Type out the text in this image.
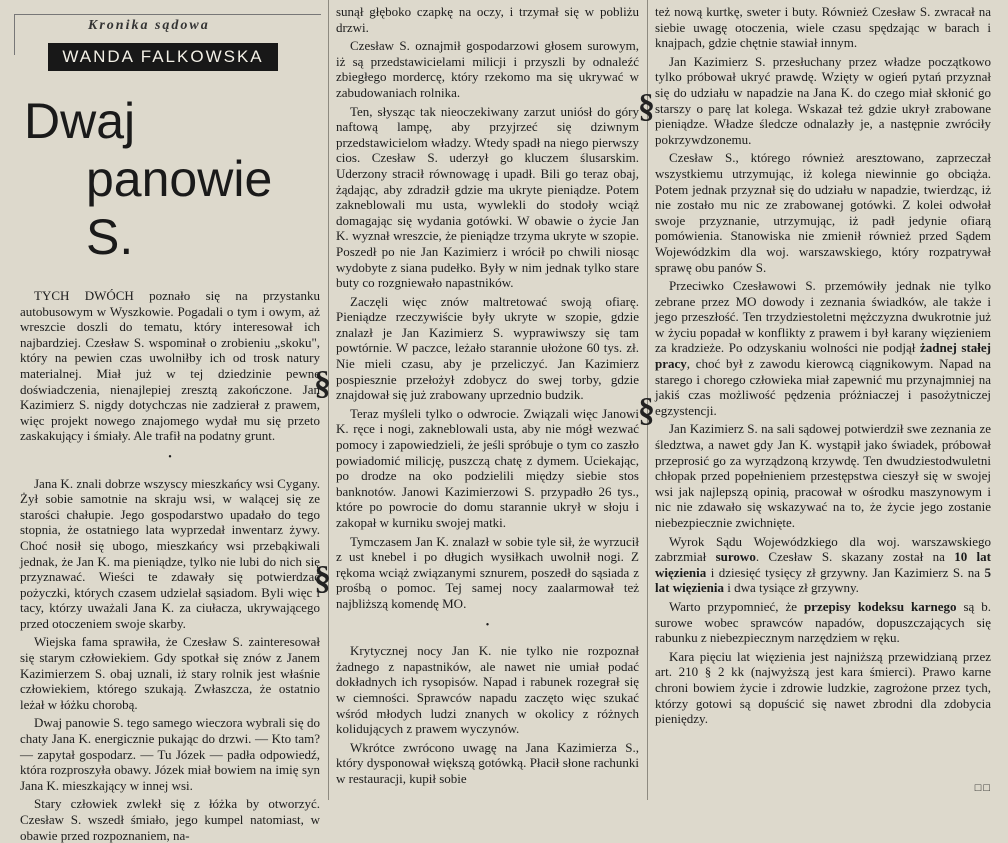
Kronika sądowa
WANDA FALKOWSKA
Dwaj
panowie S.

TYCH DWÓCH poznało się na przystanku autobusowym w Wyszkowie. Pogadali o tym i owym, aż wreszcie doszli do tematu, który interesował ich najbardziej. Czesław S. wspominał o zrobieniu „skoku", który na pewien czas uwolniłby ich od trosk natury materialnej. Miał już w tej dziedzinie pewne doświadczenia, nienajlepiej zresztą zakończone. Jan Kazimierz S. nigdy dotychczas nie zadzierał z prawem, więc projekt nowego znajomego wydał mu się przeto zaskakujący i śmiały. Ale trafił na podatny grunt.

•

Jana K. znali dobrze wszyscy mieszkańcy wsi Cygany. Żył sobie samotnie na skraju wsi, w walącej się ze starości chałupie. Jego gospodarstwo upadało do tego stopnia, że ostatniego lata wyprzedał inwentarz żywy. Choć nosił się ubogo, mieszkańcy wsi przebąkiwali jednak, że Jan K. ma pieniądze, tylko nie lubi do nich się przyznawać. Wieści te zdawały się potwierdzać pożyczki, których czasem udzielał sąsiadom. Byli więc i tacy, którzy uważali Jana K. za ciułacza, ukrywającego przed otoczeniem swoje skarby.

Wiejska fama sprawiła, że Czesław S. zainteresował się starym człowiekiem. Gdy spotkał się znów z Janem Kazimierzem S. obaj uznali, iż stary rolnik jest właśnie człowiekiem, którego szukają. Zwłaszcza, że ostatnio leżał w łóżku chorobą.

Dwaj panowie S. tego samego wieczora wybrali się do chaty Jana K. energicznie pukając do drzwi. — Kto tam?— zapytał gospodarz. — Tu Józek — padła odpowiedź, która rozproszyła obawy. Józek miał bowiem na imię syn Jana K. mieszkający w innej wsi.

Stary człowiek zwlekł się z łóżka by otworzyć. Czesław S. wszedł śmiało, jego kumpel natomiast, w obawie przed rozpoznaniem, na-

sunął głęboko czapkę na oczy, i trzymał się w pobliżu drzwi.

Czesław S. oznajmił gospodarzowi głosem surowym, iż są przedstawicielami milicji i przyszli by odnaleźć zbiegłego mordercę, który rzekomo ma się ukrywać w zabudowaniach rolnika.

Ten, słysząc tak nieoczekiwany zarzut uniósł do góry naftową lampę, aby przyjrzeć się dziwnym przedstawicielom władzy. Wtedy spadł na niego pierwszy cios. Czesław S. uderzył go kluczem ślusarskim. Uderzony stracił równowagę i upadł. Bili go teraz obaj, żądając, aby zdradził gdzie ma ukryte pieniądze. Potem zakneblowali mu usta, wywlekli do stodoły wciąż domagając się wydania gotówki. W obawie o życie Jan K. wyznał wreszcie, że pieniądze trzyma ukryte w szopie. Poszedł po nie Jan Kazimierz i wrócił po chwili niosąc wydobyte z siana pudełko. Były w nim jednak tylko stare buty co rozgniewało napastników.

Zaczęli więc znów maltretować swoją ofiarę. Pieniądze rzeczywiście były ukryte w szopie, gdzie znalazł je Jan Kazimierz S. wyprawiwszy się tam powtórnie. W paczce, leżało starannie ułożone 60 tys. zł. Nie mieli czasu, aby je przeliczyć. Jan Kazimierz pospiesznie przełożył zdobycz do swej torby, gdzie znajdował się już zrabowany uprzednio budzik.

Teraz myśleli tylko o odwrocie. Związali więc Janowi K. ręce i nogi, zakneblowali usta, aby nie mógł wezwać pomocy i zapowiedzieli, że jeśli spróbuje o tym co zaszło powiadomić milicję, puszczą chatę z dymem. Uciekając, po drodze na oko podzielili między siebie stos banknotów. Janowi Kazimierzowi S. przypadło 26 tys., które po powrocie do domu starannie ukrył w słoju i zakopał w kurniku swojej matki.

Tymczasem Jan K. znalazł w sobie tyle sił, że wyrzucił z ust knebel i po długich wysiłkach uwolnił nogi. Z rękoma wciąż związanymi sznurem, poszedł do sąsiada z prośbą o pomoc. Tej samej nocy zaalarmował też najbliższą komendę MO.

•

Krytycznej nocy Jan K. nie tylko nie rozpoznał żadnego z napastników, ale nawet nie umiał podać dokładnych ich rysopisów. Napad i rabunek rozegrał się w ciemności. Sprawców napadu zaczęto więc szukać wśród młodych ludzi znanych w okolicy z różnych kolidujących z prawem wyczynów.

Wkrótce zwrócono uwagę na Jana Kazimierza S., który dysponował większą gotówką. Płacił słone rachunki w restauracji, kupił sobie

§
§
§
§

też nową kurtkę, sweter i buty. Również Czesław S. zwracał na siebie uwagę otoczenia, wiele czasu spędzając w barach i knajpach, gdzie chętnie stawiał innym.

Jan Kazimierz S. przesłuchany przez władze początkowo tylko próbował ukryć prawdę. Wzięty w ogień pytań przyznał się do udziału w napadzie na Jana K. do czego miał skłonić go starszy o parę lat kolega. Wskazał też gdzie ukrył zrabowane pieniądze. Władze śledcze odnalazły je, a następnie zwróciły pokrzywdzonemu.

Czesław S., którego również aresztowano, zaprzeczał wszystkiemu utrzymując, iż kolega niewinnie go obciąża. Potem jednak przyznał się do udziału w napadzie, twierdząc, iż nie zostało mu nic ze zrabowanej gotówki. Z kolei odwołał swoje przyznanie, utrzymując, iż padł jedynie ofiarą pomówienia. Stanowiska nie zmienił również przed Sądem Wojewódzkim dla woj. warszawskiego, który rozpatrywał sprawę obu panów S.

Przeciwko Czesławowi S. przemówiły jednak nie tylko zebrane przez MO dowody i zeznania świadków, ale także i jego przeszłość. Ten trzydziestoletni mężczyzna dwukrotnie już w życiu popadał w konflikty z prawem i był karany więzieniem za kradzieże. Po odzyskaniu wolności nie podjął żadnej stałej pracy, choć był z zawodu kierowcą ciągnikowym. Napad na starego i chorego człowieka miał zapewnić mu przynajmniej na jakiś czas możliwość pędzenia próżniaczej i pasożytniczej egzystencji.

Jan Kazimierz S. na sali sądowej potwierdził swe zeznania ze śledztwa, a nawet gdy Jan K. wystąpił jako świadek, próbował przeprosić go za wyrządzoną krzywdę. Ten dwudziestodwuletni chłopak przed popełnieniem przestępstwa cieszył się w swojej wsi jak najlepszą opinią, pracował w ośrodku maszynowym i nic nie zdawało się wskazywać na to, że życie jego zostanie niebezpiecznie zwichnięte.

Wyrok Sądu Wojewódzkiego dla woj. warszawskiego zabrzmiał surowo. Czesław S. skazany został na 10 lat więzienia i dziesięć tysięcy zł grzywny. Jan Kazimierz S. na 5 lat więzienia i dwa tysiące zł grzywny.

Warto przypomnieć, że przepisy kodeksu karnego są b. surowe wobec sprawców napadów, dopuszczających się rabunku z niebezpiecznym narzędziem w ręku.

Kara pięciu lat więzienia jest najniższą przewidzianą przez art. 210 § 2 kk (najwyższą jest kara śmierci). Prawo karne chroni bowiem życie i zdrowie ludzkie, zagrożone przez tych, którzy gotowi są dopuścić się nawet zbrodni dla zdobycia pieniędzy.

□□
